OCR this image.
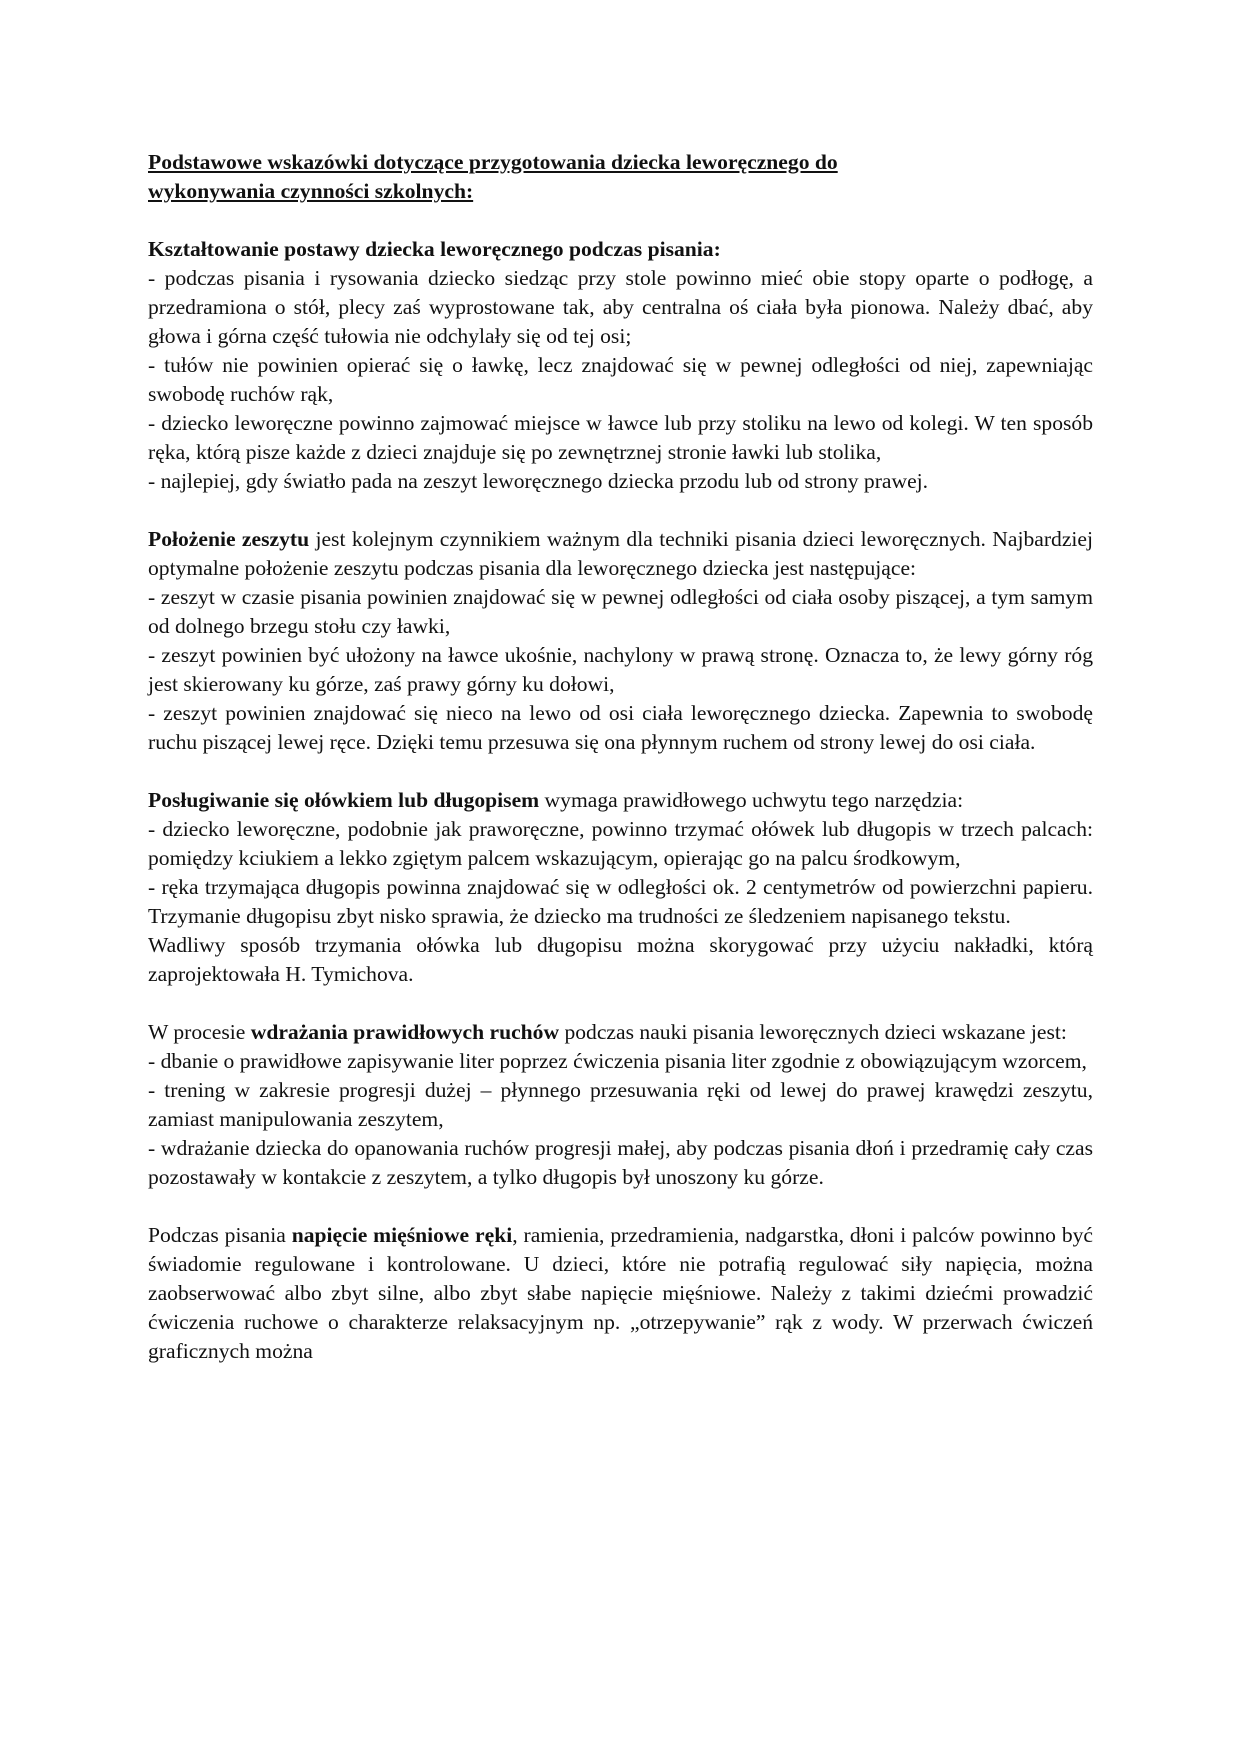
Podstawowe wskazówki dotyczące przygotowania dziecka leworęcznego do

wykonywania czynności szkolnych:

Kształtowanie postawy dziecka leworęcznego podczas pisania:

- podczas pisania i rysowania dziecko siedząc przy stole powinno mieć obie stopy oparte o podłogę, a przedramiona o stół, plecy zaś wyprostowane tak, aby centralna oś ciała była pionowa. Należy dbać, aby głowa i górna część tułowia nie odchylały się od tej osi;

- tułów nie powinien opierać się o ławkę, lecz znajdować się w pewnej odległości od niej, zapewniając swobodę ruchów rąk,

- dziecko leworęczne powinno zajmować miejsce w ławce lub przy stoliku na lewo od kolegi. W ten sposób ręka, którą pisze każde z dzieci znajduje się po zewnętrznej stronie ławki lub stolika,

- najlepiej, gdy światło pada na zeszyt leworęcznego dziecka przodu lub od strony prawej.

Położenie zeszytu jest kolejnym czynnikiem ważnym dla techniki pisania dzieci leworęcznych. Najbardziej optymalne położenie zeszytu podczas pisania dla leworęcznego dziecka jest następujące:

- zeszyt w czasie pisania powinien znajdować się w pewnej odległości od ciała osoby piszącej, a tym samym od dolnego brzegu stołu czy ławki,

- zeszyt powinien być ułożony na ławce ukośnie, nachylony w prawą stronę. Oznacza to, że lewy górny róg jest skierowany ku górze, zaś prawy górny ku dołowi,

- zeszyt powinien znajdować się nieco na lewo od osi ciała leworęcznego dziecka. Zapewnia to swobodę ruchu piszącej lewej ręce. Dzięki temu przesuwa się ona płynnym ruchem od strony lewej do osi ciała.

Posługiwanie się ołówkiem lub długopisem wymaga prawidłowego uchwytu tego narzędzia:

- dziecko leworęczne, podobnie jak praworęczne, powinno trzymać ołówek lub długopis w trzech palcach: pomiędzy kciukiem a lekko zgiętym palcem wskazującym, opierając go na palcu środkowym,

- ręka trzymająca długopis powinna znajdować się w odległości ok. 2 centymetrów od powierzchni papieru. Trzymanie długopisu zbyt nisko sprawia, że dziecko ma trudności ze śledzeniem napisanego tekstu.

Wadliwy sposób trzymania ołówka lub długopisu można skorygować przy użyciu nakładki, którą zaprojektowała H. Tymichova.

W procesie wdrażania prawidłowych ruchów podczas nauki pisania leworęcznych dzieci wskazane jest:

- dbanie o prawidłowe zapisywanie liter poprzez ćwiczenia pisania liter zgodnie z obowiązującym wzorcem,

- trening w zakresie progresji dużej – płynnego przesuwania ręki od lewej do prawej krawędzi zeszytu, zamiast manipulowania zeszytem,

- wdrażanie dziecka do opanowania ruchów progresji małej, aby podczas pisania dłoń i przedramię cały czas pozostawały w kontakcie z zeszytem, a tylko długopis był unoszony ku górze.

Podczas pisania napięcie mięśniowe ręki, ramienia, przedramienia, nadgarstka, dłoni i palców powinno być świadomie regulowane i kontrolowane. U dzieci, które nie potrafią regulować siły napięcia, można zaobserwować albo zbyt silne, albo zbyt słabe napięcie mięśniowe. Należy z takimi dziećmi prowadzić ćwiczenia ruchowe o charakterze relaksacyjnym np. „otrzepywanie” rąk z wody. W przerwach ćwiczeń graficznych można
